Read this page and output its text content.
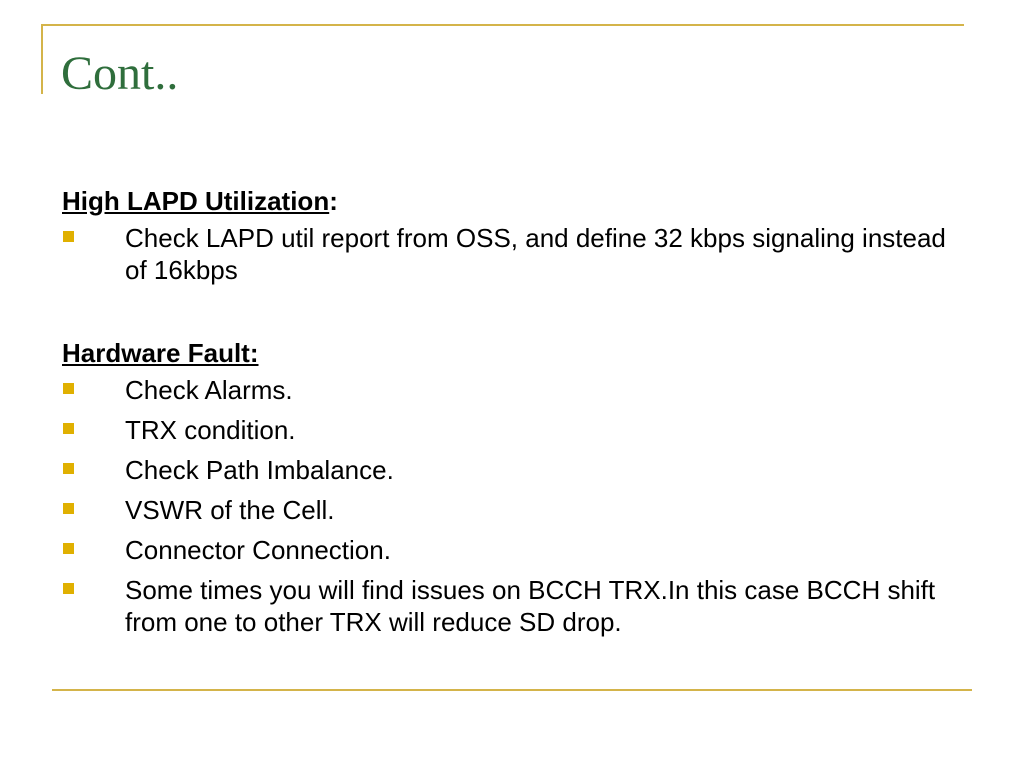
Cont..
High LAPD Utilization:
Check LAPD util report from OSS, and define 32 kbps signaling instead of 16kbps
Hardware Fault:
Check Alarms.
TRX condition.
Check Path Imbalance.
VSWR of the Cell.
Connector Connection.
Some times you will find issues on BCCH TRX.In this case BCCH shift from one to other TRX will reduce SD drop.
